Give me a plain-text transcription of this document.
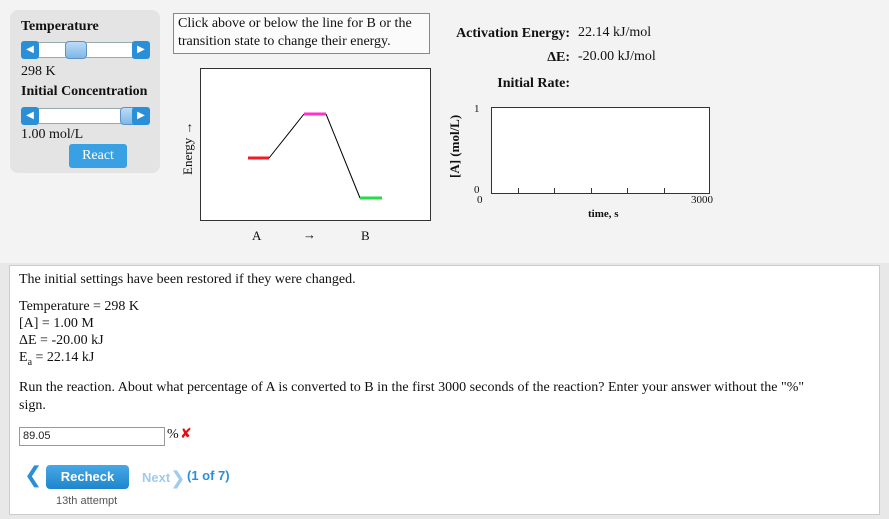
Temperature
◀	▶
298 K
Initial Concentration
◀	▶
1.00 mol/L
React
Click above or below the line for B or the transition state to change their energy.
Energy →
A	→	B
Activation Energy: 22.14 kJ/mol
ΔE: -20.00 kJ/mol
Initial Rate:
[A] (mol/L)
1
0
0	3000
time, s
The initial settings have been restored if they were changed.
Temperature = 298 K
[A] = 1.00 M
ΔE = -20.00 kJ
$E_a = 22.14$ kJ
Run the reaction. About what percentage of A is converted to B in the first 3000 seconds of the reaction? Enter your answer without the "%"
sign.
89.05	% ✘
❮	Recheck	Next❯ (1 of 7)
13th attempt
